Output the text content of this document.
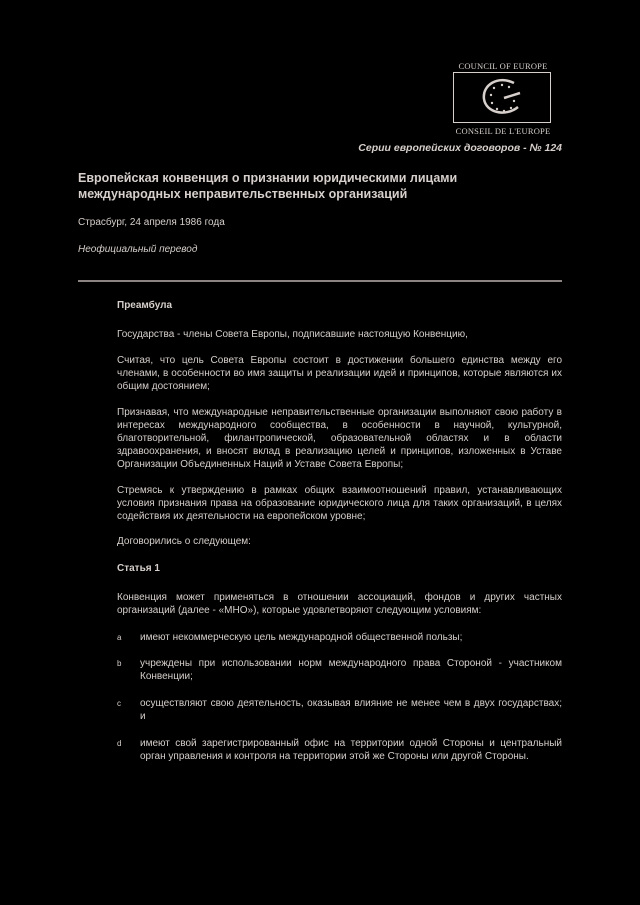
COUNCIL OF EUROPE
CONSEIL DE L'EUROPE
Серии европейских договоров - № 124
Европейская конвенция о признании юридическими лицами международных неправительственных организаций
Страсбург, 24 апреля 1986 года
Неофициальный перевод
Преамбула
Государства - члены Совета Европы, подписавшие настоящую Конвенцию,
Считая, что цель Совета Европы состоит в достижении большего единства между его членами, в особенности во имя защиты и реализации идей и принципов, которые являются их общим достоянием;
Признавая, что международные неправительственные организации выполняют свою работу в интересах международного сообщества, в особенности в научной, культурной, благотворительной, филантропической, образовательной областях и в области здравоохранения, и вносят вклад в реализацию целей и принципов, изложенных в Уставе Организации Объединенных Наций и Уставе Совета Европы;
Стремясь к утверждению в рамках общих взаимоотношений правил, устанавливающих условия признания права на образование юридического лица для таких организаций, в целях содействия их деятельности на европейском уровне;
Договорились о следующем:
Статья 1
Конвенция может применяться в отношении ассоциаций, фондов и других частных организаций (далее - «МНО»), которые удовлетворяют следующим условиям:
a имеют некоммерческую цель международной общественной пользы;
b учреждены при использовании норм международного права Стороной - участником Конвенции;
c осуществляют свою деятельность, оказывая влияние не менее чем в двух государствах; и
d имеют свой зарегистрированный офис на территории одной Стороны и центральный орган управления и контроля на территории этой же Стороны или другой Стороны.
